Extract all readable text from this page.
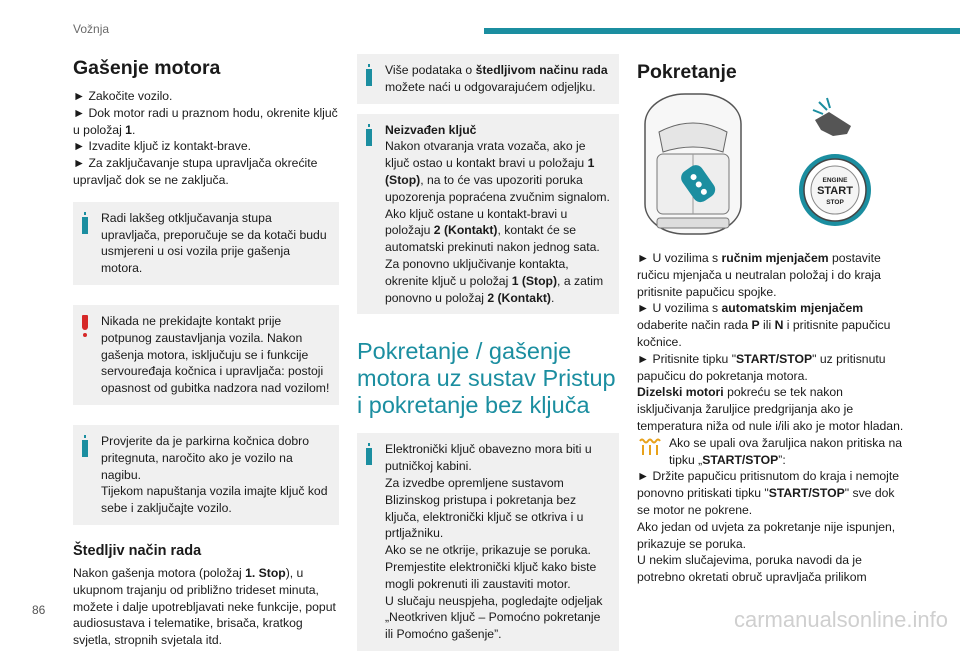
Vožnja
Gašenje motora

► Zakočite vozilo.

► Dok motor radi u praznom hodu, okrenite ključ u položaj 1.

► Izvadite ključ iz kontakt-brave.

► Za zaključavanje stupa upravljača okrećite upravljač dok se ne zaključa.

Radi lakšeg otključavanja stupa upravljača, preporučuje se da kotači budu usmjereni u osi vozila prije gašenja motora.

Nikada ne prekidajte kontakt prije potpunog zaustavljanja vozila. Nakon gašenja motora, isključuju se i funkcije servouređaja kočnica i upravljača: postoji opasnost od gubitka nadzora nad vozilom!

Provjerite da je parkirna kočnica dobro pritegnuta, naročito ako je vozilo na nagibu.

Tijekom napuštanja vozila imajte ključ kod sebe i zaključajte vozilo.

Štedljiv način rada

Nakon gašenja motora (položaj 1. Stop), u ukupnom trajanju od približno trideset minuta, možete i dalje upotrebljavati neke funkcije, poput audiosustava i telematike, brisača, kratkog svjetla, stropnih svjetala itd.

Više podataka o štedljivom načinu rada možete naći u odgovarajućem odjeljku.

Neizvađen ključ

Nakon otvaranja vrata vozača, ako je ključ ostao u kontakt bravi u položaju 1 (Stop), na to će vas upozoriti poruka upozorenja popraćena zvučnim signalom.

Ako ključ ostane u kontakt-bravi u položaju 2 (Kontakt), kontakt će se automatski prekinuti nakon jednog sata.

Za ponovno uključivanje kontakta, okrenite ključ u položaj 1 (Stop), a zatim ponovno u položaj 2 (Kontakt).

Pokretanje / gašenje motora uz sustav Pristup i pokretanje bez ključa

Elektronički ključ obavezno mora biti u putničkoj kabini.

Za izvedbe opremljene sustavom Blizinskog pristupa i pokretanja bez ključa, elektronički ključ se otkriva i u prtljažniku.

Ako se ne otkrije, prikazuje se poruka.

Premjestite elektronički ključ kako biste mogli pokrenuti ili zaustaviti motor.

U slučaju neuspjeha, pogledajte odjeljak „Neotkriven ključ – Pomoćno pokretanje ili Pomoćno gašenje”.

Pokretanje
ENGINE
START
STOP

► U vozilima s ručnim mjenjačem postavite ručicu mjenjača u neutralan položaj i do kraja pritisnite papučicu spojke.

► U vozilima s automatskim mjenjačem odaberite način rada P ili N i pritisnite papučicu kočnice.

► Pritisnite tipku "START/STOP" uz pritisnutu papučicu do pokretanja motora.

Dizelski motori pokreću se tek nakon isključivanja žaruljice predgrijanja ako je temperatura niža od nule i/ili ako je motor hladan.

Ako se upali ova žaruljica nakon pritiska na tipku „START/STOP”:

► Držite papučicu pritisnutom do kraja i nemojte ponovno pritiskati tipku "START/STOP" sve dok se motor ne pokrene.

Ako jedan od uvjeta za pokretanje nije ispunjen, prikazuje se poruka.

U nekim slučajevima, poruka navodi da je potrebno okretati obruč upravljača prilikom

86	carmanualsonline.info
